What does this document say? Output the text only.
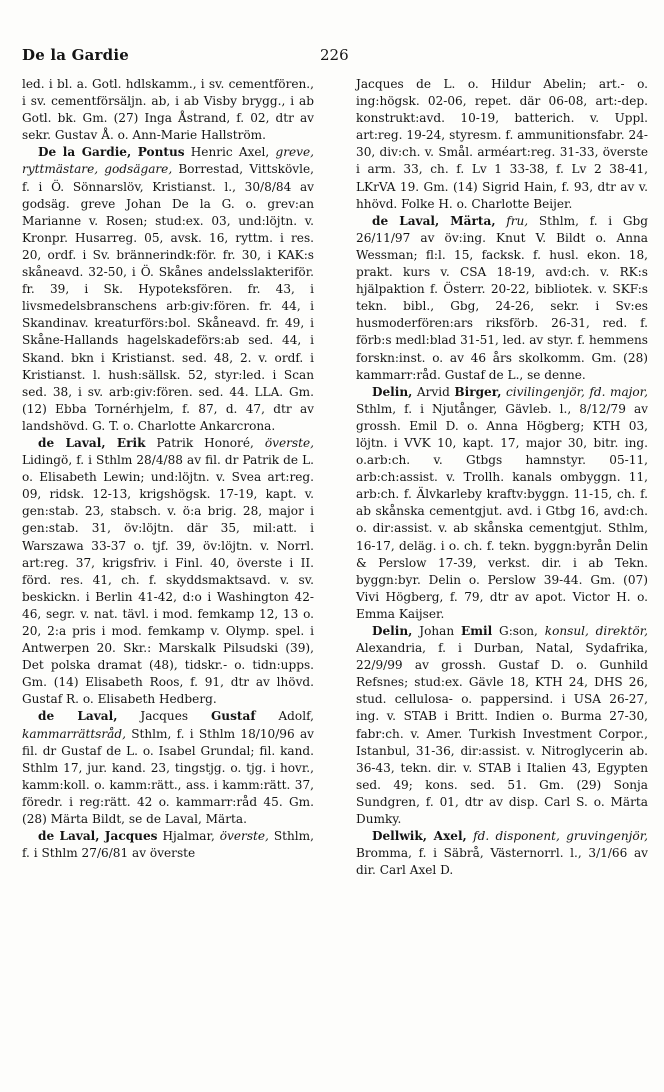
De la Gardie	226

led. i bl. a. Gotl. hdlskamm., i sv. cementfören., i sv. cementförsäljn. ab, i ab Visby brygg., i ab Gotl. bk. Gm. (27) Inga Åstrand, f. 02, dtr av sekr. Gustav Å. o. Ann-Marie Hallström.

De la Gardie, Pontus Henric Axel, greve, ryttmästare, godsägare, Borrestad, Vittskövle, f. i Ö. Sönnarslöv, Kristianst. l., 30/8/84 av godsäg. greve Johan De la G. o. grev:an Marianne v. Rosen; stud:ex. 03, und:löjtn. v. Kronpr. Husarreg. 05, avsk. 16, ryttm. i res. 20, ordf. i Sv. brännerindk:för. fr. 30, i KAK:s skåneavd. 32-50, i Ö. Skånes andelsslakteriför. fr. 39, i Sk. Hypoteksfören. fr. 43, i livsmedelsbranschens arb:giv:fören. fr. 44, i Skandinav. kreaturförs:bol. Skåneavd. fr. 49, i Skåne-Hallands hagelskadeförs:ab sed. 44, i Skand. bkn i Kristianst. sed. 48, 2. v. ordf. i Kristianst. l. hush:sällsk. 52, styr:led. i Scan sed. 38, i sv. arb:giv:fören. sed. 44. LLA. Gm. (12) Ebba Tornérhjelm, f. 87, d. 47, dtr av landshövd. G. T. o. Charlotte Ankarcrona.

de Laval, Erik Patrik Honoré, överste, Lidingö, f. i Sthlm 28/4/88 av fil. dr Patrik de L. o. Elisabeth Lewin; und:löjtn. v. Svea art:reg. 09, ridsk. 12-13, krigshögsk. 17-19, kapt. v. gen:stab. 23, stabsch. v. ö:a brig. 28, major i gen:stab. 31, öv:löjtn. där 35, mil:att. i Warszawa 33-37 o. tjf. 39, öv:löjtn. v. Norrl. art:reg. 37, krigsfriv. i Finl. 40, överste i II. förd. res. 41, ch. f. skyddsmaktsavd. v. sv. beskickn. i Berlin 41-42, d:o i Washington 42-46, segr. v. nat. tävl. i mod. femkamp 12, 13 o. 20, 2:a pris i mod. femkamp v. Olymp. spel. i Antwerpen 20. Skr.: Marskalk Pilsudski (39), Det polska dramat (48), tidskr.- o. tidn:upps. Gm. (14) Elisabeth Roos, f. 91, dtr av lhövd. Gustaf R. o. Elisabeth Hedberg.

de Laval, Jacques Gustaf Adolf, kammarrättsråd, Sthlm, f. i Sthlm 18/10/96 av fil. dr Gustaf de L. o. Isabel Grundal; fil. kand. Sthlm 17, jur. kand. 23, tingstjg. o. tjg. i hovr., kamm:koll. o. kamm:rätt., ass. i kamm:rätt. 37, föredr. i reg:rätt. 42 o. kammarr:råd 45. Gm. (28) Märta Bildt, se de Laval, Märta.

de Laval, Jacques Hjalmar, överste, Sthlm, f. i Sthlm 27/6/81 av överste

Jacques de L. o. Hildur Abelin; art.- o. ing:högsk. 02-06, repet. där 06-08, art:-dep. konstrukt:avd. 10-19, batterich. v. Uppl. art:reg. 19-24, styresm. f. ammunitionsfabr. 24-30, div:ch. v. Smål. arméart:reg. 31-33, överste i arm. 33, ch. f. Lv 1 33-38, f. Lv 2 38-41, LKrVA 19. Gm. (14) Sigrid Hain, f. 93, dtr av v. hhövd. Folke H. o. Charlotte Beijer.

de Laval, Märta, fru, Sthlm, f. i Gbg 26/11/97 av öv:ing. Knut V. Bildt o. Anna Wessman; fl:l. 15, facksk. f. husl. ekon. 18, prakt. kurs v. CSA 18-19, avd:ch. v. RK:s hjälpaktion f. Österr. 20-22, bibliotek. v. SKF:s tekn. bibl., Gbg, 24-26, sekr. i Sv:es husmoderfören:ars riksförb. 26-31, red. f. förb:s medl:blad 31-51, led. av styr. f. hemmens forskn:inst. o. av 46 års skolkomm. Gm. (28) kammarr:råd. Gustaf de L., se denne.

Delin, Arvid Birger, civilingenjör, fd. major, Sthlm, f. i Njutånger, Gävleb. l., 8/12/79 av grossh. Emil D. o. Anna Högberg; KTH 03, löjtn. i VVK 10, kapt. 17, major 30, bitr. ing. o.arb:ch. v. Gtbgs hamnstyr. 05-11, arb:ch:assist. v. Trollh. kanals ombyggn. 11, arb:ch. f. Älvkarleby kraftv:byggn. 11-15, ch. f. ab skånska cementgjut. avd. i Gtbg 16, avd:ch. o. dir:assist. v. ab skånska cementgjut. Sthlm, 16-17, deläg. i o. ch. f. tekn. byggn:byrån Delin & Perslow 17-39, verkst. dir. i ab Tekn. byggn:byr. Delin o. Perslow 39-44. Gm. (07) Vivi Högberg, f. 79, dtr av apot. Victor H. o. Emma Kaijser.

Delin, Johan Emil G:son, konsul, direktör, Alexandria, f. i Durban, Natal, Sydafrika, 22/9/99 av grossh. Gustaf D. o. Gunhild Refsnes; stud:ex. Gävle 18, KTH 24, DHS 26, stud. cellulosa- o. pappersind. i USA 26-27, ing. v. STAB i Britt. Indien o. Burma 27-30, fabr:ch. v. Amer. Turkish Investment Corpor., Istanbul, 31-36, dir:assist. v. Nitroglycerin ab. 36-43, tekn. dir. v. STAB i Italien 43, Egypten sed. 49; kons. sed. 51. Gm. (29) Sonja Sundgren, f. 01, dtr av disp. Carl S. o. Märta Dumky.

Dellwik, Axel, fd. disponent, gruvingenjör, Bromma, f. i Säbrå, Västernorrl. l., 3/1/66 av dir. Carl Axel D.
